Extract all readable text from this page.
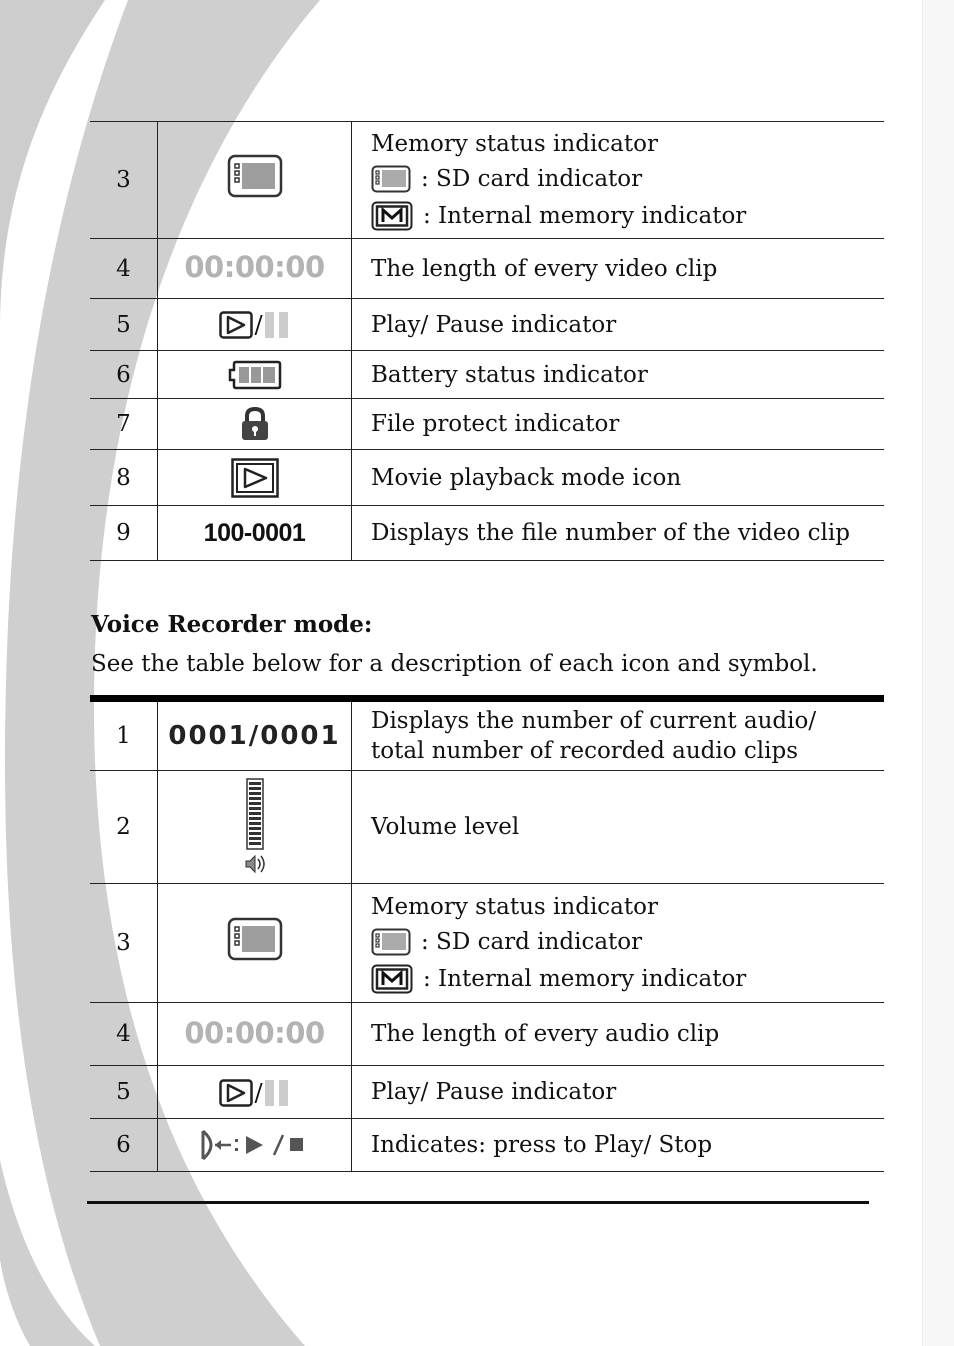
3		Memory status indicator
: SD card indicator
: Internal memory indicator

4	00:00:00	The length of every video clip
5	/	Play/ Pause indicator
6		Battery status indicator
7		File protect indicator
8		Movie playback mode icon
9	100-0001	Displays the file number of the video clip
Voice Recorder mode:
See the table below for a description of each icon and symbol.
1	0001/0001	Displays the number of current audio/
total number of recorded audio clips

2		Volume level
3		Memory status indicator
: SD card indicator
: Internal memory indicator

4	00:00:00	The length of every audio clip
5	/	Play/ Pause indicator
6		Indicates: press to Play/ Stop
